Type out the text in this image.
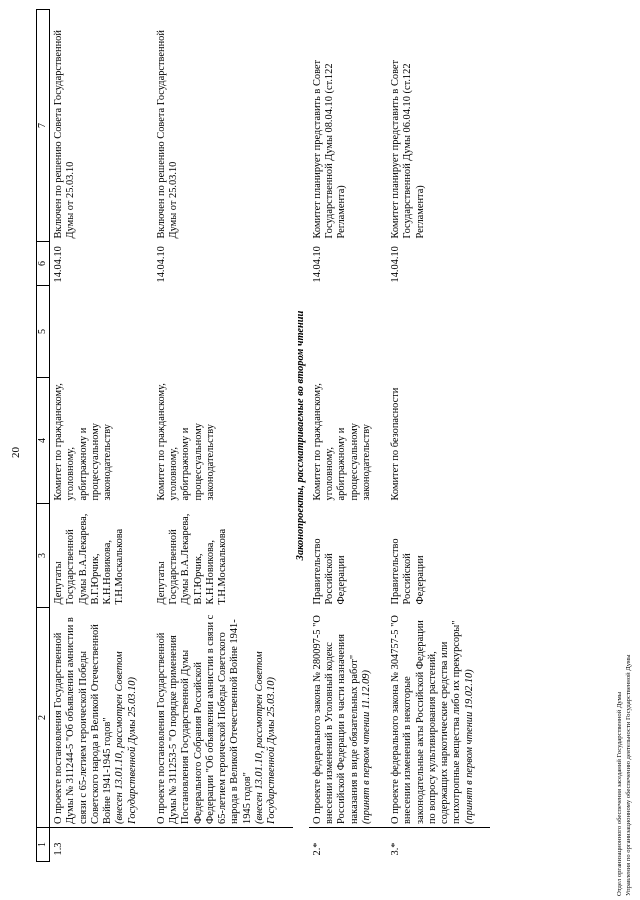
20
1	2	3	4	5	6	7
1.3	О проекте постановления Государственной Думы № 311244-5 "Об объявлении амнистии в связи с 65-летием героической Победы Советского народа в Великой Отечественной Войне 1941-1945 годов" (внесен 13.01.10, рассмотрен Советом Государственной Думы 25.03.10)	Депутаты Государственной Думы В.А.Лекарева, В.Г.Юрчик, К.Н.Новикова, Т.Н.Москалькова	Комитет по гражданскому, уголовному, арбитражному и процессуальному законодательству		14.04.10	Включен по решению Совета Государственной Думы от 25.03.10

	О проекте постановления Государственной Думы № 311253-5 "О порядке применения Постановления Государственной Думы Федерального Собрания Российской Федерации "Об объявлении амнистии в связи с 65-летием героической Победы Советского народа в Великой Отечественной Войне 1941-1945 годов" (внесен 13.01.10, рассмотрен Советом Государственной Думы 25.03.10)	Депутаты Государственной Думы В.А.Лекарева, В.Г.Юрчик, К.Н.Новикова, Т.Н.Москалькова	Комитет по гражданскому, уголовному, арбитражному и процессуальному законодательству		14.04.10	Включен по решению Совета Государственной Думы от 25.03.10
Законопроекты, рассматриваемые во втором чтении						
2.*	О проекте федерального закона № 280097-5 "О внесении изменений в Уголовный кодекс Российской Федерации в части назначения наказания в виде обязательных работ" (принят в первом чтении 11.12.09)	Правительство Российской Федерации	Комитет по гражданскому, уголовному, арбитражному и процессуальному законодательству		14.04.10	Комитет планирует представить в Совет Государственной Думы 08.04.10 (ст.122 Регламента)
3.*	О проекте федерального закона № 304757-5 "О внесении изменений в некоторые законодательные акты Российской Федерации по вопросу культивирования растений, содержащих наркотические средства или психотропные вещества либо их прекурсоры" (принят в первом чтении 19.02.10)	Правительство Российской Федерации	Комитет по безопасности		14.04.10	Комитет планирует представить в Совет Государственной Думы 06.04.10 (ст.122 Регламента)
Отдел организационного обеспечения заседаний Государственной Думы Управления по организационному обеспечению деятельности Государственной Думы
